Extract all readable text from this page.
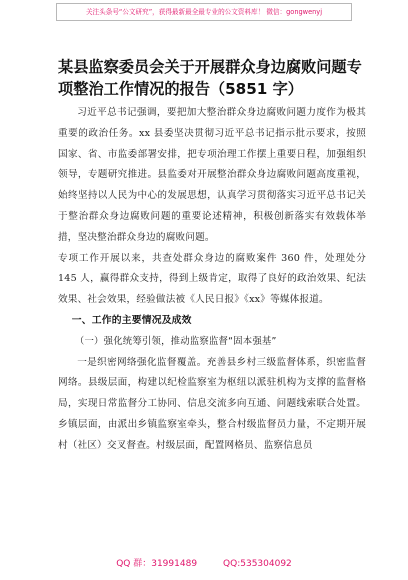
关注头条号“公文研究”，获得最新最全最专业的公文资料库！ 微信：gongwenyj
某县监察委员会关于开展群众身边腐败问题专项整治工作情况的报告（5851 字）

习近平总书记强调，要把加大整治群众身边腐败问题力度作为极其重要的政治任务。xx 县委坚决贯彻习近平总书记指示批示要求，按照国家、省、市监委部署安排，把专项治理工作摆上重要日程，加强组织领导，专题研究推进。县监委对开展整治群众身边腐败问题高度重视，始终坚持以人民为中心的发展思想，认真学习贯彻落实习近平总书记关于整治群众身边腐败问题的重要论述精神，积极创新落实有效载体举措，坚决整治群众身边的腐败问题。

专项工作开展以来，共查处群众身边的腐败案件 360 件，处理处分 145 人，赢得群众支持，得到上级肯定，取得了良好的政治效果、纪法效果、社会效果，经验做法被《人民日报》《xx》等媒体报道。

一、工作的主要情况及成效

（一）强化统筹引领，推动监察监督“固本强基”

一是织密网络强化监督覆盖。充善县乡村三级监督体系，织密监督网络。县级层面，构建以纪检监察室为枢纽以派驻机构为支撑的监督格局，实现日常监督分工协同、信息交流多向互通、问题线索联合处置。乡镇层面，由派出乡镇监察室牵头，整合村级监督员力量，不定期开展村（社区）交叉督查。村级层面，配置网格员、监察信息员

QQ 群：31991489	QQ:535304092
